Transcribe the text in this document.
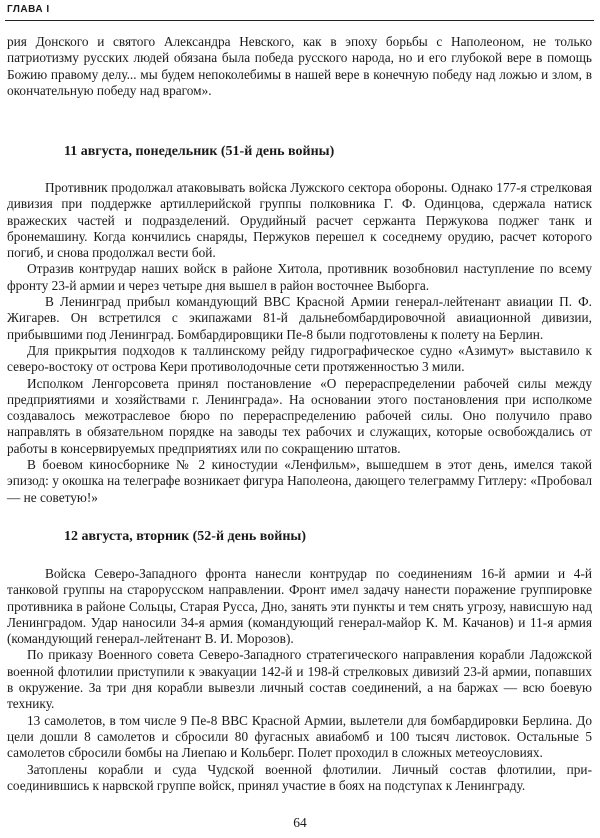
ГЛАВА I

рия Донского и святого Александра Невского, как в эпоху борьбы с Наполеоном, не только патриотизму русских людей обязана была победа русского народа, но и его глубокой вере в помощь Божию правому делу... мы будем непоколебимы в нашей вере в конечную победу над ложью и злом, в окончательную победу над врагом».

11 августа, понедельник (51-й день войны)

Противник продолжал атаковывать войска Лужского сектора обороны. Однако 177-я стрелковая дивизия при поддержке артиллерийской группы полковника Г. Ф. Одинцова, сдержала натиск вражеских частей и подразделений. Орудийный расчет сержанта Пержукова поджег танк и бронемашину. Когда кончились снаряды, Пержуков перешел к соседнему орудию, расчет которого погиб, и снова продолжал вести бой.

Отразив контрудар наших войск в районе Хитола, противник возобновил наступление по всему фронту 23-й армии и через четыре дня вышел в район восточнее Выборга.

В Ленинград прибыл командующий ВВС Красной Армии генерал-лейтенант авиации П. Ф. Жигарев. Он встретился с экипажами 81-й дальнебомбардировочной авиационной дивизии, прибывшими под Ленинград. Бомбардировщики Пе-8 были подготовлены к полету на Берлин.

Для прикрытия подходов к таллинскому рейду гидрографическое судно «Азимут» выставило к северо-востоку от острова Кери противолодочные сети протяженностью 3 мили.

Исполком Ленгорсовета принял постановление «О перераспределении рабочей силы между предприятиями и хозяйствами г. Ленинграда». На основании этого постановления при исполкоме создавалось межотраслевое бюро по перераспределению рабочей силы. Оно получило право направлять в обязательном порядке на заводы тех рабочих и служащих, которые освобождались от работы в консервируемых предприятиях или по сокращению штатов.

В боевом киносборнике № 2 киностудии «Ленфильм», вышедшем в этот день, имелся такой эпизод: у окошка на телеграфе возникает фигура Наполеона, дающего телеграмму Гитлеру: «Пробовал — не советую!»

12 августа, вторник (52-й день войны)

Войска Северо-Западного фронта нанесли контрудар по соединениям 16-й армии и 4-й танковой группы на старорусском направлении. Фронт имел задачу нанести поражение группировке противника в районе Сольцы, Старая Русса, Дно, занять эти пункты и тем снять угрозу, нависшую над Ленинградом. Удар наносили 34-я армия (командующий генерал-майор К. М. Качанов) и 11-я армия (командующий генерал-лейтенант В. И. Морозов).

По приказу Военного совета Северо-Западного стратегического направления корабли Ладожской военной флотилии приступили к эвакуации 142-й и 198-й стрелковых дивизий 23-й армии, попавших в окружение. За три дня корабли вывезли личный состав соединений, а на баржах — всю боевую технику.

13 самолетов, в том числе 9 Пе-8 ВВС Красной Армии, вылетели для бомбардировки Берлина. До цели дошли 8 самолетов и сбросили 80 фугасных авиабомб и 100 тысяч листовок. Остальные 5 самолетов сбросили бомбы на Лиепаю и Кольберг. Полет проходил в сложных метеоусловиях.

Затоплены корабли и суда Чудской военной флотилии. Личный состав флотилии, присоединившись к нарвской группе войск, принял участие в боях на подступах к Ленинграду.

64
